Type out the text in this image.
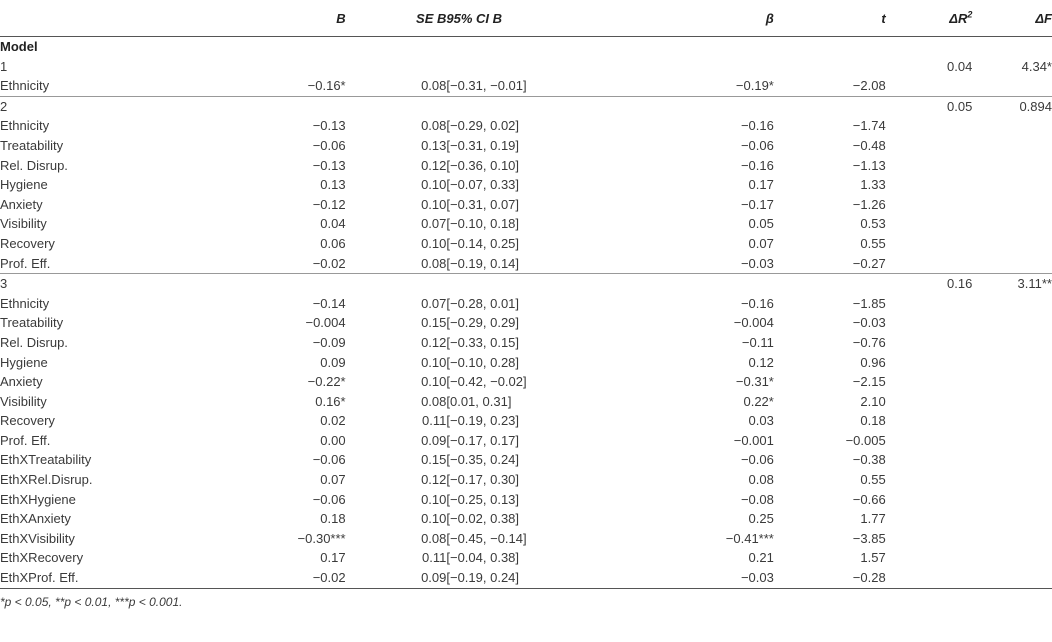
	B	SE B	95% CI B	β	t	$\Delta R^2$	ΔF
Model							
1						0.04	4.34*
Ethnicity	−0.16*	0.08	[−0.31, −0.01]	−0.19*	−2.08		
2						0.05	0.894
Ethnicity	−0.13	0.08	[−0.29, 0.02]	−0.16	−1.74		
Treatability	−0.06	0.13	[−0.31, 0.19]	−0.06	−0.48		
Rel. Disrup.	−0.13	0.12	[−0.36, 0.10]	−0.16	−1.13		
Hygiene	0.13	0.10	[−0.07, 0.33]	0.17	1.33		
Anxiety	−0.12	0.10	[−0.31, 0.07]	−0.17	−1.26		
Visibility	0.04	0.07	[−0.10, 0.18]	0.05	0.53		
Recovery	0.06	0.10	[−0.14, 0.25]	0.07	0.55		
Prof. Eff.	−0.02	0.08	[−0.19, 0.14]	−0.03	−0.27		
3						0.16	3.11**
Ethnicity	−0.14	0.07	[−0.28, 0.01]	−0.16	−1.85		
Treatability	−0.004	0.15	[−0.29, 0.29]	−0.004	−0.03		
Rel. Disrup.	−0.09	0.12	[−0.33, 0.15]	−0.11	−0.76		
Hygiene	0.09	0.10	[−0.10, 0.28]	0.12	0.96		
Anxiety	−0.22*	0.10	[−0.42, −0.02]	−0.31*	−2.15		
Visibility	0.16*	0.08	[0.01, 0.31]	0.22*	2.10		
Recovery	0.02	0.11	[−0.19, 0.23]	0.03	0.18		
Prof. Eff.	0.00	0.09	[−0.17, 0.17]	−0.001	−0.005		
EthXTreatability	−0.06	0.15	[−0.35, 0.24]	−0.06	−0.38		
EthXRel.Disrup.	0.07	0.12	[−0.17, 0.30]	0.08	0.55		
EthXHygiene	−0.06	0.10	[−0.25, 0.13]	−0.08	−0.66		
EthXAnxiety	0.18	0.10	[−0.02, 0.38]	0.25	1.77		
EthXVisibility	−0.30***	0.08	[−0.45, −0.14]	−0.41***	−3.85		
EthXRecovery	0.17	0.11	[−0.04, 0.38]	0.21	1.57		
EthXProf. Eff.	−0.02	0.09	[−0.19, 0.24]	−0.03	−0.28		
*p < 0.05, **p < 0.01, ***p < 0.001.
